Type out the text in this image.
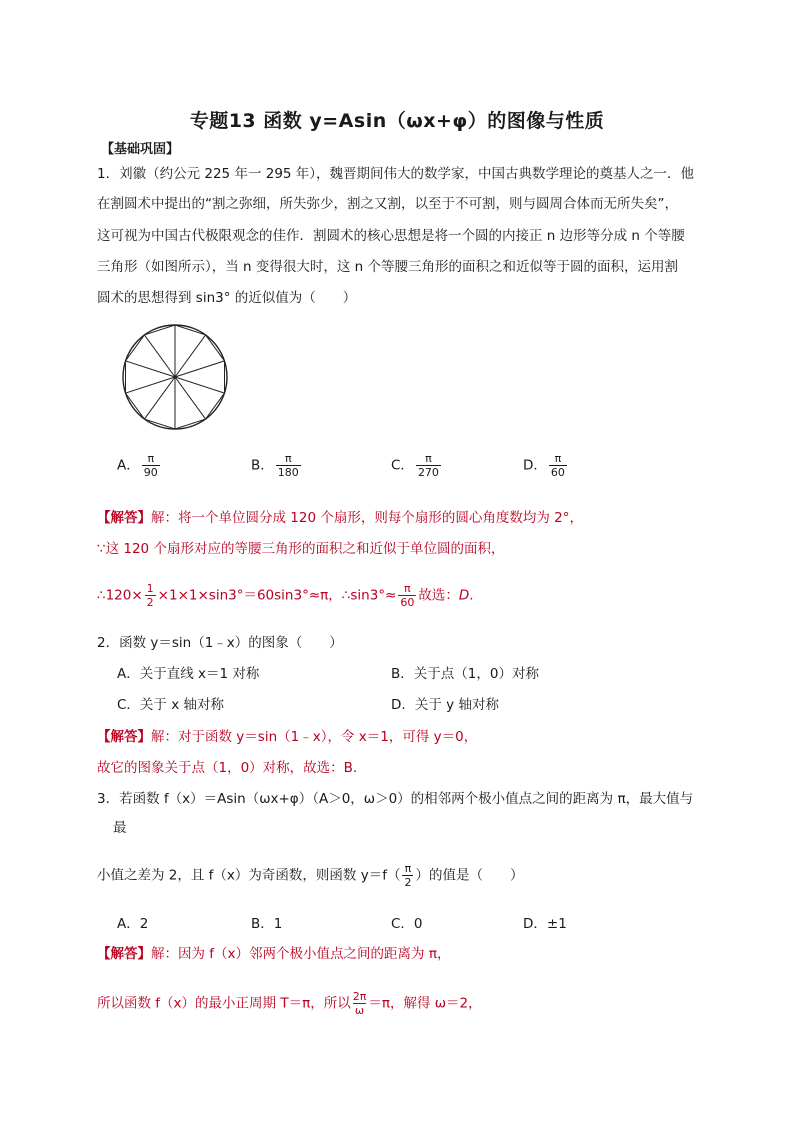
专题13 函数 y=Asin（ωx+φ）的图像与性质
【基础巩固】
1．刘徽（约公元 225 年一 295 年），魏晋期间伟大的数学家，中国古典数学理论的奠基人之一．他
在割圆术中提出的“割之弥细，所失弥少，割之又割，以至于不可割，则与圆周合体而无所失矣”，
这可视为中国古代极限观念的佳作．割圆术的核心思想是将一个圆的内接正 n 边形等分成 n 个等腰
三角形（如图所示），当 n 变得很大时，这 n 个等腰三角形的面积之和近似等于圆的面积，运用割
圆术的思想得到 sin3° 的近似值为（　　）
A． $\frac{\pi}{90}$	B． $\frac{\pi}{180}$	C． $\frac{\pi}{270}$	D． $\frac{\pi}{60}$
【解答】解：将一个单位圆分成 120 个扇形，则每个扇形的圆心角度数均为 2°，
∵这 120 个扇形对应的等腰三角形的面积之和近似于单位圆的面积，
∴120× $\frac{1}{2} \times 1\times 1\times\sin 3^\circ=60\sin 3^\circ\approx\pi$，∴sin3°≈ $\frac{\pi}{60}$ 故选：D.
2．函数 y＝sin（1﹣x）的图象（　　）
A．关于直线 x＝1 对称	B．关于点（1，0）对称
C．关于 x 轴对称	D．关于 y 轴对称
【解答】解：对于函数 y＝sin（1﹣x），令 x＝1，可得 y＝0，
故它的图象关于点（1，0）对称，故选：B．
3．若函数 f（x）＝Asin（ωx+φ）（A＞0，ω＞0）的相邻两个极小值点之间的距离为 π，最大值与
最
小值之差为 2，且 f（x）为奇函数，则函数 $y=f( \frac{\pi}{2}$ ）的值是（　　）
A．2	B．1	C．0	D．±1
【解答】解：因为 f（x）邻两个极小值点之间的距离为 π，
所以函数 f（x）的最小正周期 T＝π，所以 $\frac{2\pi}{\omega} =\pi$，解得 ω＝2，
